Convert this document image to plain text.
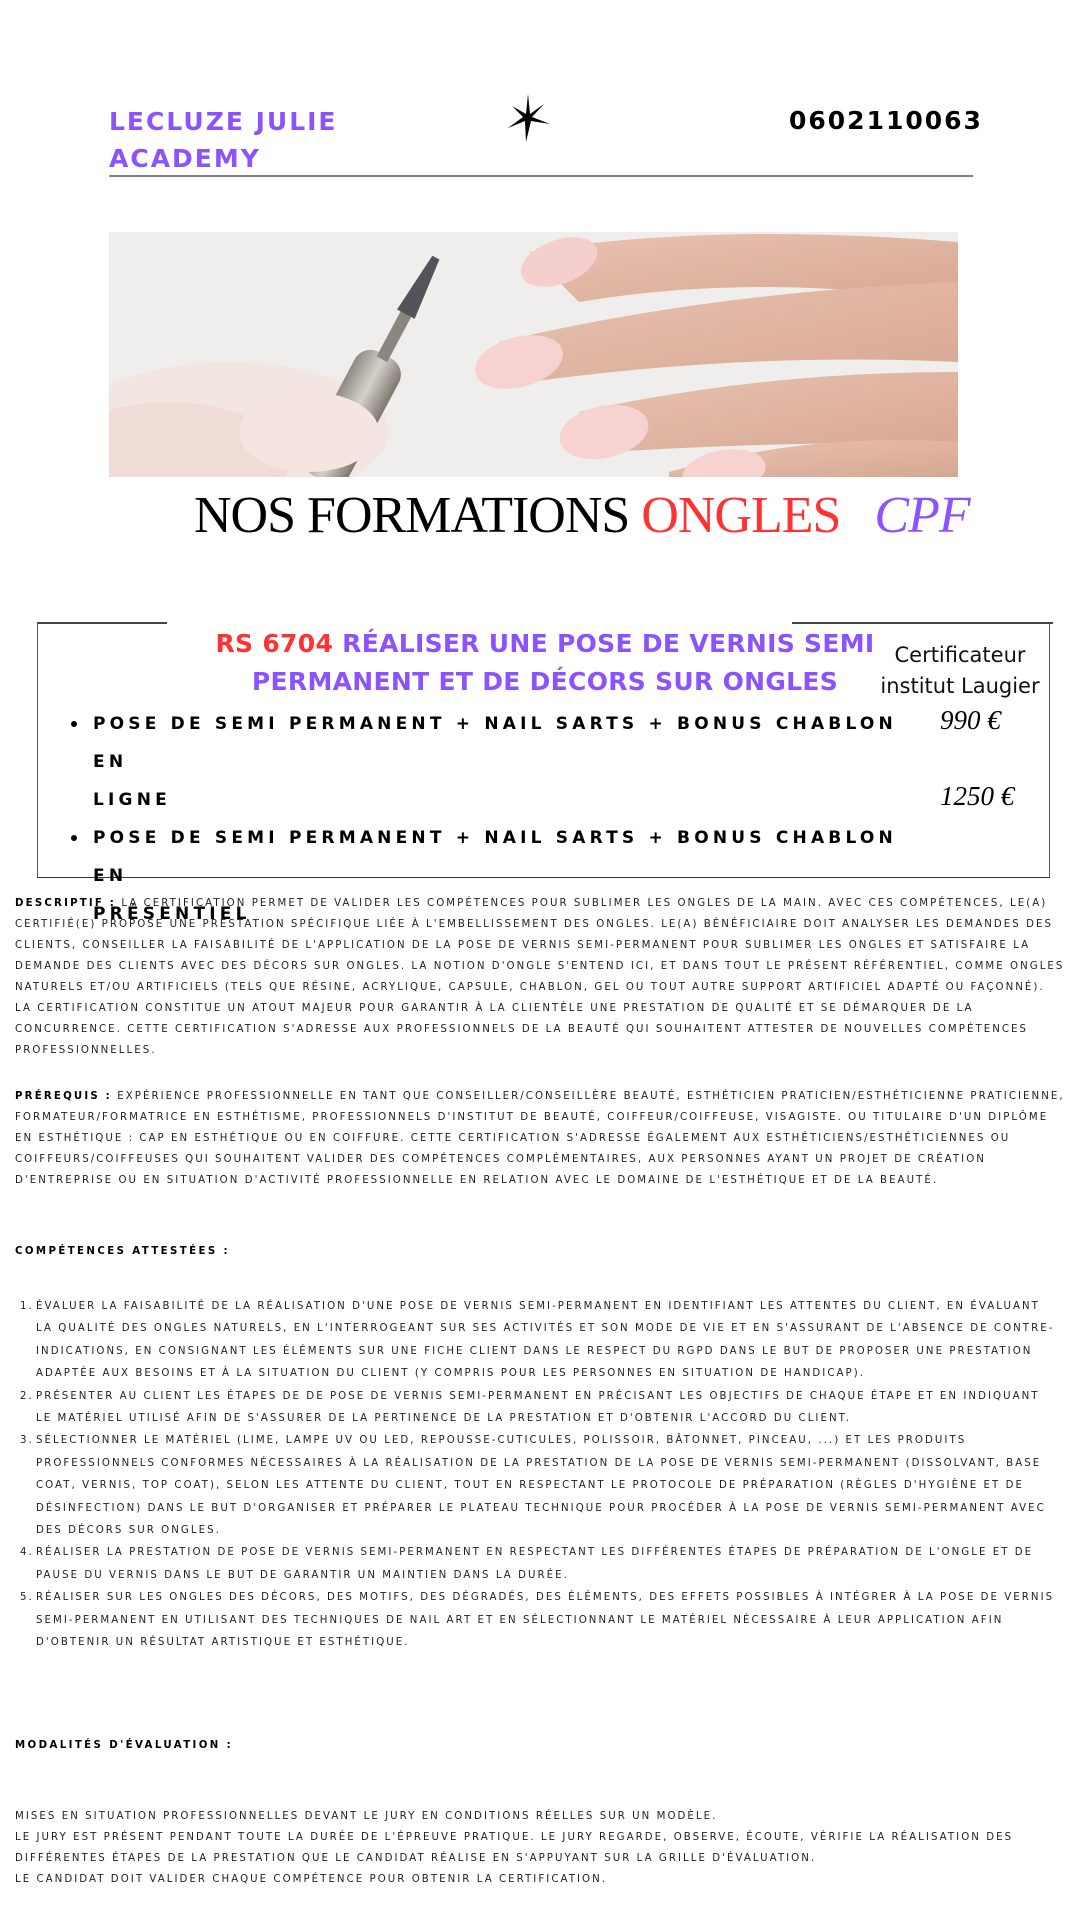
LECLUZE JULIE
ACADEMY
0602110063
NOS FORMATIONS ONGLES CPF
RS 6704 RÉALISER UNE POSE DE VERNIS SEMI
PERMANENT ET DE DÉCORS SUR ONGLES
Certificateur
institut Laugier
POSE DE SEMI PERMANENT + NAIL SARTS + BONUS CHABLON EN
LIGNE
POSE DE SEMI PERMANENT + NAIL SARTS + BONUS CHABLON EN
PRÉSENTIEL
990 €
1250 €
DESCRIPTIF : LA CERTIFICATION PERMET DE VALIDER LES COMPÉTENCES POUR SUBLIMER LES ONGLES DE LA MAIN. AVEC CES COMPÉTENCES, LE(A) CERTIFIÉ(E) PROPOSE UNE PRESTATION SPÉCIFIQUE LIÉE À L'EMBELLISSEMENT DES ONGLES. LE(A) BÉNÉFICIAIRE DOIT ANALYSER LES DEMANDES DES CLIENTS, CONSEILLER LA FAISABILITÉ DE L'APPLICATION DE LA POSE DE VERNIS SEMI-PERMANENT POUR SUBLIMER LES ONGLES ET SATISFAIRE LA DEMANDE DES CLIENTS AVEC DES DÉCORS SUR ONGLES. LA NOTION D'ONGLE S'ENTEND ICI, ET DANS TOUT LE PRÉSENT RÉFÉRENTIEL, COMME ONGLES NATURELS ET/OU ARTIFICIELS (TELS QUE RÉSINE, ACRYLIQUE, CAPSULE, CHABLON, GEL OU TOUT AUTRE SUPPORT ARTIFICIEL ADAPTÉ OU FAÇONNÉ). LA CERTIFICATION CONSTITUE UN ATOUT MAJEUR POUR GARANTIR À LA CLIENTÈLE UNE PRESTATION DE QUALITÉ ET SE DÉMARQUER DE LA CONCURRENCE. CETTE CERTIFICATION S'ADRESSE AUX PROFESSIONNELS DE LA BEAUTÉ QUI SOUHAITENT ATTESTER DE NOUVELLES COMPÉTENCES PROFESSIONNELLES.
PRÉREQUIS : EXPÉRIENCE PROFESSIONNELLE EN TANT QUE CONSEILLER/CONSEILLÈRE BEAUTÉ, ESTHÉTICIEN PRATICIEN/ESTHÉTICIENNE PRATICIENNE, FORMATEUR/FORMATRICE EN ESTHÉTISME, PROFESSIONNELS D'INSTITUT DE BEAUTÉ, COIFFEUR/COIFFEUSE, VISAGISTE. OU TITULAIRE D'UN DIPLÔME EN ESTHÉTIQUE : CAP EN ESTHÉTIQUE OU EN COIFFURE. CETTE CERTIFICATION S'ADRESSE ÉGALEMENT AUX ESTHÉTICIENS/ESTHÉTICIENNES OU COIFFEURS/COIFFEUSES QUI SOUHAITENT VALIDER DES COMPÉTENCES COMPLÉMENTAIRES, AUX PERSONNES AYANT UN PROJET DE CRÉATION D'ENTREPRISE OU EN SITUATION D'ACTIVITÉ PROFESSIONNELLE EN RELATION AVEC LE DOMAINE DE L'ESTHÉTIQUE ET DE LA BEAUTÉ.
COMPÉTENCES ATTESTÉES :
1. ÉVALUER LA FAISABILITÉ DE LA RÉALISATION D'UNE POSE DE VERNIS SEMI-PERMANENT EN IDENTIFIANT LES ATTENTES DU CLIENT, EN ÉVALUANT LA QUALITÉ DES ONGLES NATURELS, EN L'INTERROGEANT SUR SES ACTIVITÉS ET SON MODE DE VIE ET EN S'ASSURANT DE L'ABSENCE DE CONTRE-INDICATIONS, EN CONSIGNANT LES ÉLÉMENTS SUR UNE FICHE CLIENT DANS LE RESPECT DU RGPD DANS LE BUT DE PROPOSER UNE PRESTATION ADAPTÉE AUX BESOINS ET À LA SITUATION DU CLIENT (Y COMPRIS POUR LES PERSONNES EN SITUATION DE HANDICAP).
2. PRÉSENTER AU CLIENT LES ÉTAPES DE DE POSE DE VERNIS SEMI-PERMANENT EN PRÉCISANT LES OBJECTIFS DE CHAQUE ÉTAPE ET EN INDIQUANT LE MATÉRIEL UTILISÉ AFIN DE S'ASSURER DE LA PERTINENCE DE LA PRESTATION ET D'OBTENIR L'ACCORD DU CLIENT.
3. SÉLECTIONNER LE MATÉRIEL (LIME, LAMPE UV OU LED, REPOUSSE-CUTICULES, POLISSOIR, BÂTONNET, PINCEAU, ...) ET LES PRODUITS PROFESSIONNELS CONFORMES NÉCESSAIRES À LA RÉALISATION DE LA PRESTATION DE LA POSE DE VERNIS SEMI-PERMANENT (DISSOLVANT, BASE COAT, VERNIS, TOP COAT), SELON LES ATTENTE DU CLIENT, TOUT EN RESPECTANT LE PROTOCOLE DE PRÉPARATION (RÈGLES D'HYGIÈNE ET DE DÉSINFECTION) DANS LE BUT D'ORGANISER ET PRÉPARER LE PLATEAU TECHNIQUE POUR PROCÉDER À LA POSE DE VERNIS SEMI-PERMANENT AVEC DES DÉCORS SUR ONGLES.
4. RÉALISER LA PRESTATION DE POSE DE VERNIS SEMI-PERMANENT EN RESPECTANT LES DIFFÉRENTES ÉTAPES DE PRÉPARATION DE L'ONGLE ET DE PAUSE DU VERNIS DANS LE BUT DE GARANTIR UN MAINTIEN DANS LA DURÉE.
5. RÉALISER SUR LES ONGLES DES DÉCORS, DES MOTIFS, DES DÉGRADÉS, DES ÉLÉMENTS, DES EFFETS POSSIBLES À INTÉGRER À LA POSE DE VERNIS SEMI-PERMANENT EN UTILISANT DES TECHNIQUES DE NAIL ART ET EN SÉLECTIONNANT LE MATÉRIEL NÉCESSAIRE À LEUR APPLICATION AFIN D'OBTENIR UN RÉSULTAT ARTISTIQUE ET ESTHÉTIQUE.
MODALITÉS D'ÉVALUATION :
MISES EN SITUATION PROFESSIONNELLES DEVANT LE JURY EN CONDITIONS RÉELLES SUR UN MODÈLE.
LE JURY EST PRÉSENT PENDANT TOUTE LA DURÉE DE L'ÉPREUVE PRATIQUE. LE JURY REGARDE, OBSERVE, ÉCOUTE, VÉRIFIE LA RÉALISATION DES DIFFÉRENTES ÉTAPES DE LA PRESTATION QUE LE CANDIDAT RÉALISE EN S'APPUYANT SUR LA GRILLE D'ÉVALUATION.
LE CANDIDAT DOIT VALIDER CHAQUE COMPÉTENCE POUR OBTENIR LA CERTIFICATION.
